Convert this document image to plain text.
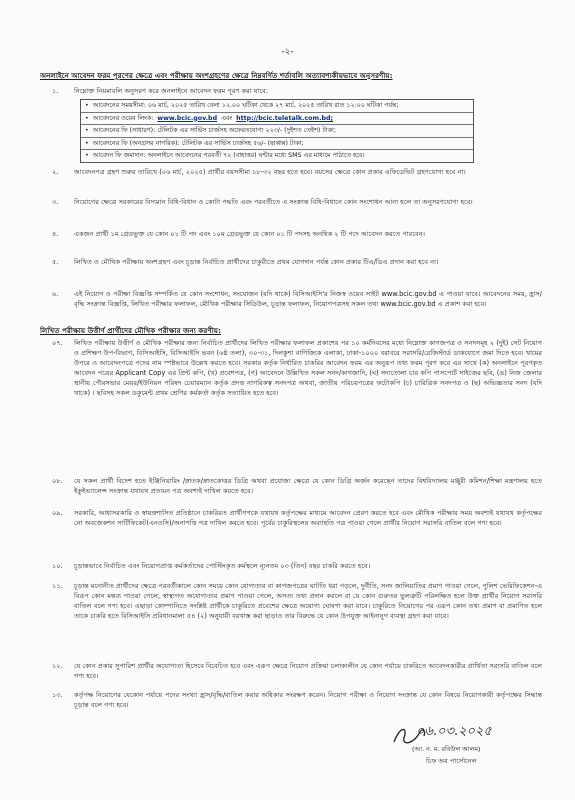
-২-
অনলাইনে আবেদন ফরম পূরণের ক্ষেত্রে এবং পরীক্ষায় অংশগ্রহণের ক্ষেত্রে নিম্নবর্ণিত শর্তাবলি অত্যাবশ্যকীয়ভাবে অনুসরণীয়:
১.	নিম্নোক্ত নিয়মাবলি অনুসরণ করে অনলাইনে আবেদন ফরম পূরণ করা যাবে:
• আবেদনের সময়সীমা: ০৬ মার্চ, ২০২৫ তারিখ বেলা ১২.০০ ঘটিকা থেকে ২৭ মার্চ, ২০২৫ তারিখ রাত ১২:০০ ঘটিকা পর্যন্ত;
• আবেদনের ওয়েব লিংক: www.bcic.gov.bd এবং http://bcic.teletalk.com.bd;
• আবেদনের ফি (সাধারণ): টেলিটক এর সার্ভিস চার্জসহ অফেরতযোগ্য ২২৩/- (দুইশত তেইশ) টাকা;
• আবেদনের ফি (অনগ্রসর নাগরিক): টেলিটক এর সার্ভিস চার্জসহ ৫৬/- (ছাপ্পান্ন) টাকা;
• আবেদন ফি জমাদান: অনলাইনে আবেদনের পরবর্তী ৭২ (বাহাত্তর) ঘন্টার মধ্যে SMS এর মাধ্যমে পাঠাতে হবে।
২.	আবেদনপত্র গ্রহণ শুরুর তারিখে (০৬ মার্চ, ২০২৫) প্রার্থীর বয়সসীমা ১৮-৩২ বছর হতে হবে। বয়সের ক্ষেত্রে কোন প্রকার এফিডেভিট গ্রহণযোগ্য হবে না।
৩.	নিয়োগের ক্ষেত্রে সরকারের বিদ্যমান বিধি-বিধান ও কোটা পদ্ধতি এবং পরবর্তীতে এ সংক্রান্ত বিধি-বিধানে কোন সংশোধন আনা হলে তা অনুসরণযোগ্য হবে।
৪.	একজন প্রার্থী ১ম গ্রেডভুক্ত যে কোন ০১ টি পদ এবং ১০ম গ্রেডভুক্ত যে কোন ০১ টি পদসহ অনধিক ২ টি পদে আবেদন করতে পারবেন।
৫.	লিখিত ও মৌখিক পরীক্ষায় অংশগ্রহণ এবং চূড়ান্ত নির্বাচিত প্রার্থীদের চাকুরীতে প্রথম যোগদান পর্যন্ত কোন প্রকার টিএ/ডিএ প্রদান করা হবে না।
৬.	এই নিয়োগ ও পরীক্ষা বিজ্ঞপ্তি সম্পর্কিত যে কোন সংশোধন, সংযোজন (যদি থাকে) বিসিআইসি'র নিজস্ব ওয়েব সাইট www.bcic.gov.bd এ পাওয়া যাবে। আবেদনের সময়, হ্রাস/বৃদ্ধি সংক্রান্ত বিজ্ঞপ্তি, লিখিত পরীক্ষার ফলাফল, মৌখিক পরীক্ষার সিডিউল, চূড়ান্ত ফলাফল, নিয়োগপত্রসহ সকল তথ্য www.bcic.gov.bd এ প্রকাশ করা হবে।
লিখিত পরীক্ষায় উত্তীর্ণ প্রার্থীদের মৌখিক পরীক্ষার জন্য করণীয়:
০৭.	লিখিত পরীক্ষায় উত্তীর্ণ ও মৌখিক পরীক্ষার জন্য নির্বাচিত প্রার্থীদের লিখিত পরীক্ষার ফলাফল প্রকাশের পর ১০ কর্মদিবসের মধ্যে নিম্নোক্ত কাগজপত্র ও সনদসমূহ ২ (দুই) সেট নিয়োগ ও প্রশিক্ষণ উপ-বিভাগ, বিসিআইসি, বিসিআইসি ভবন (৬ষ্ঠ তলা), ৩০-৩১, দিলকুশা বাণিজ্যিক এলাকা, ঢাকা-১০০০ বরাবরে সরাসরি/রেজিস্টার্ড ডাকযোগে জমা দিতে হবে। খামের উপরে ও আবেদনপত্রে পদের নাম স্পষ্টভাবে উল্লেখ করতে হবে। সরকার কর্তৃক নির্ধারিত চাকরির আবেদন ফরম এর অনুরূপ তথ্য ফরম পূরণ করে এর সাথে (ক) অনলাইনে পূরণকৃত আবেদন পত্রের Applicant Copy এর প্রিন্ট কপি, (খ) প্রবেশপত্র, (গ) আবেদনে উল্লিখিত সকল সনদ/কাগজাদি, (ঘ) সদ্যতোলা চার কপি পাসপোর্ট সাইজের ছবি, (ঙ) নিজ জেলার স্থানীয় পৌরসভার মেয়র/ইউনিয়ন পরিষদ চেয়ারম্যান কর্তৃক প্রদত্ত নাগরিকত্ব সনদপত্র অথবা, জাতীয় পরিচয়পত্রের ফটোকপি (চ) চারিত্রিক সনদপত্র ও (ছ) অভিজ্ঞতার সনদ (যদি থাকে) । ছবিসহ সকল ডকুমেন্ট প্রথম শ্রেণির কর্মকর্তা কর্তৃক সত্যায়িত হতে হবে।
০৮.	যে সকল প্রার্থী বিদেশ হতে ইঞ্জিনিয়ারিং /স্নাতক/স্নাতকোত্তর ডিগ্রি অথবা প্রযোজ্য ক্ষেত্রে যে কোন ডিগ্রি অর্জন করেছেন তাদের বিশ্ববিদ্যালয় মঞ্জুরী কমিশন/শিক্ষা মন্ত্রণালয় হতে ইকুইভ্যালেন্স সংক্রান্ত যথাযথ প্রত্যয়ন পত্র অবশ্যই দাখিল করতে হবে।
০৯.	সরকারি, আধাসরকারি ও স্বায়ত্তশাসিত প্রতিষ্ঠানে চাকরিরত প্রার্থীগণকে যথাযথ কর্তৃপক্ষের মাধ্যমে আবেদন প্রেরণ করতে হবে এবং মৌখিক পরীক্ষার সময় অবশ্যই যথাযথ কর্তৃপক্ষের নো অবজেকশন সার্টিফিকেট(এনওসি)/অনাপত্তি পত্র দাখিল করতে হবে। পূর্বের চাকুরিস্থলের অব্যাহতি পত্র পাওয়া গেলে প্রার্থীর নিয়োগ সরাসরি বাতিল বলে গণ্য হবে।
১০.	চূড়ান্তভাবে নির্বাচিত এবং নিয়োগপ্রাপ্ত কর্মকর্তাদের পোস্টিংকৃত কর্মস্থলে ন্যূনতম ০৩ (তিন) বছর চাকরি করতে হবে।
১১.	চূড়ান্ত মনোনীত প্রার্থীদের ক্ষেত্রে পরবর্তীকালে কোন সময়ে কোন যোগ্যতার বা কাগজপত্রের ঘাটতি ধরা পড়লে, দুর্নীতি, সনদ জালিয়াতির প্রমাণ পাওয়া গেলে, পুলিশ ভেরিফিকেশন-এ বিরূপ কোন মন্তব্য পাওয়া গেলে, স্বাস্থ্যগত অযোগ্যতার প্রমাণ পাওয়া গেলে, অসত্য তথ্য প্রদান করলে বা যে কোন গুরুতর ভুলত্রুটি পরিলক্ষিত হলে উক্ত প্রার্থীর নিয়োগ সরাসরি বাতিল বলে গণ্য হবে। এছাড়া কোম্পানিতে সংশ্লিষ্ট প্রার্থীকে চাকুরিতে প্রবেশের ক্ষেত্রে অযোগ্য ঘোষণা করা যাবে। চাকুরিতে নিয়োগের পর এরূপ কোন তথ্য প্রমাণ বা প্রমাণিত হলে তাকে চাকরি হতে বিসিআইসি প্রবিধানমালা ৫৪ (২) অনুযায়ী বরখাস্ত করা ছাড়াও তার বিরুদ্ধে যে কোন উপযুক্ত আইনানুগ ব্যবস্থা গ্রহণ করা যাবে।
১২.	যে কোন প্রকার সুপারিশ প্রার্থীর অযোগ্যতা হিসেবে বিবেচিত হবে এবং এরূপ ক্ষেত্রে নিয়োগ প্রক্রিয়া চলাকালীন যে কোন পর্যায়ে চাকরিতে আবেদনকারীর প্রার্থিতা সরাসরি বাতিল বলে গণ্য হবে।
১৩.	কর্তৃপক্ষ নিয়োগের যেকোন পর্যায়ে পদের সংখ্যা হ্রাস/বৃদ্ধি/বাতিল করার অধিকার সংরক্ষণ করেন। নিয়োগ পরীক্ষা ও নিয়োগ সংক্রান্ত যে কোন বিষয়ে নিয়োগকারী কর্তৃপক্ষের সিদ্ধান্ত চূড়ান্ত বলে গণ্য হবে।
০৬.০৩.২০২৫
(আ. ন. ম. রবিউল আলম)
চিফ অব পার্সোনেল
